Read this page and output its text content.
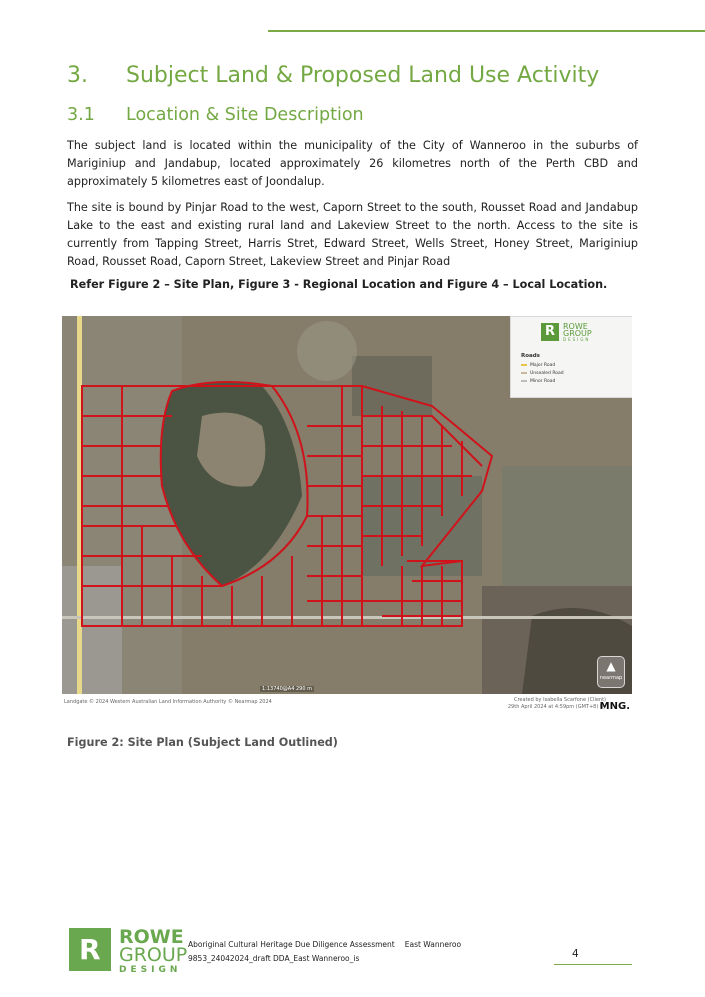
3. Subject Land & Proposed Land Use Activity
3.1 Location & Site Description

The subject land is located within the municipality of the City of Wanneroo in the suburbs of Mariginiup and Jandabup, located approximately 26 kilometres north of the Perth CBD and approximately 5 kilometres east of Joondalup.

The site is bound by Pinjar Road to the west, Caporn Street to the south, Rousset Road and Jandabup Lake to the east and existing rural land and Lakeview Street to the north. Access to the site is currently from Tapping Street, Harris Stret, Edward Street, Wells Street, Honey Street, Mariginiup Road, Rousset Road, Caporn Street, Lakeview Street and Pinjar Road

Refer Figure 2 – Site Plan, Figure 3 - Regional Location and Figure 4 – Local Location.

R ROWE
GROUP
DESIGN
Roads
Major Road
Unsealed Road
Minor Road
▲
nearmap
1:13740@A4 290 m
Landgate © 2024 Western Australian Land Information Authority © Nearmap 2024	Created by Isabella Scarfone (Client)
29th April 2024 at 4:59pm (GMT+8) by
MNG.

Figure 2: Site Plan (Subject Land Outlined)

R ROWE
GROUP
DESIGN
Aboriginal Cultural Heritage Due Diligence Assessment East Wanneroo
9853_24042024_draft DDA_East Wanneroo_is	4
